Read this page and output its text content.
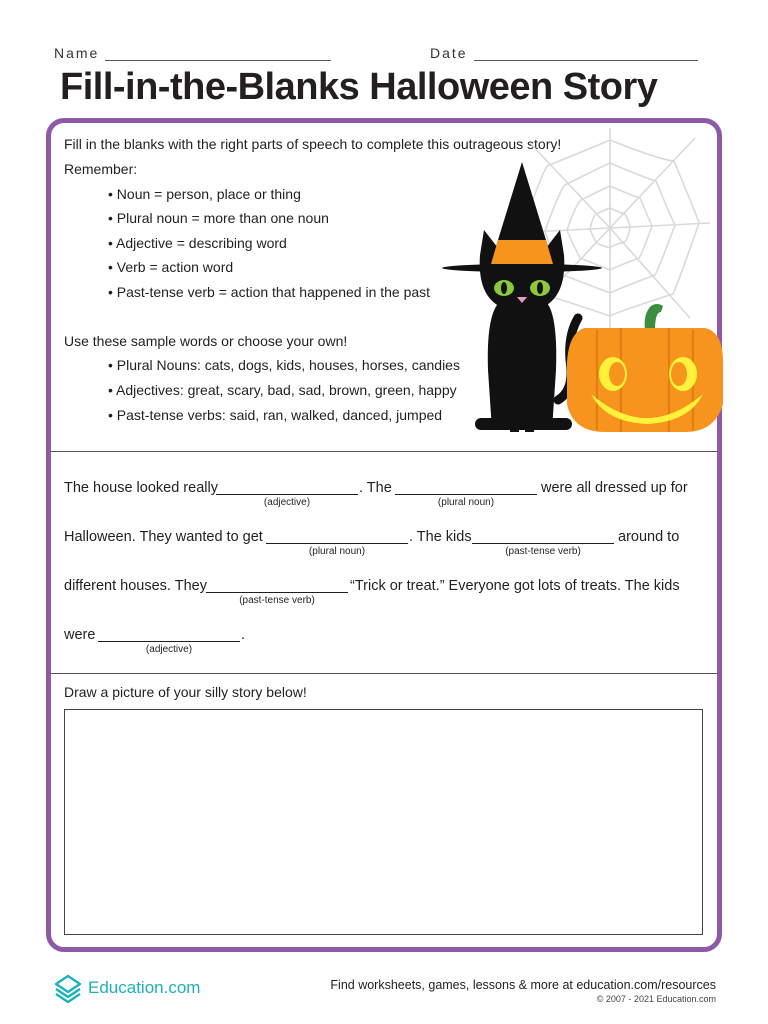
Name	Date
Fill-in-the-Blanks Halloween Story
Fill in the blanks with the right parts of speech to complete this outrageous story!
Remember:
• Noun = person, place or thing
• Plural noun = more than one noun
• Adjective = describing word
• Verb = action word
• Past-tense verb = action that happened in the past
Use these sample words or choose your own!
• Plural Nouns: cats, dogs, kids, houses, horses, candies
• Adjectives: great, scary, bad, sad, brown, green, happy
• Past-tense verbs: said, ran, walked, danced, jumped
The house looked really
(adjective)
. The
(plural noun)
were all dressed up for
Halloween. They wanted to get
(plural noun)
. The kids
(past-tense verb)
around to
different houses. They
(past-tense verb)
“Trick or treat.” Everyone got lots of treats. The kids
were
(adjective)
.
Draw a picture of your silly story below!
Education.com	Find worksheets, games, lessons & more at education.com/resources
© 2007 - 2021 Education.com
